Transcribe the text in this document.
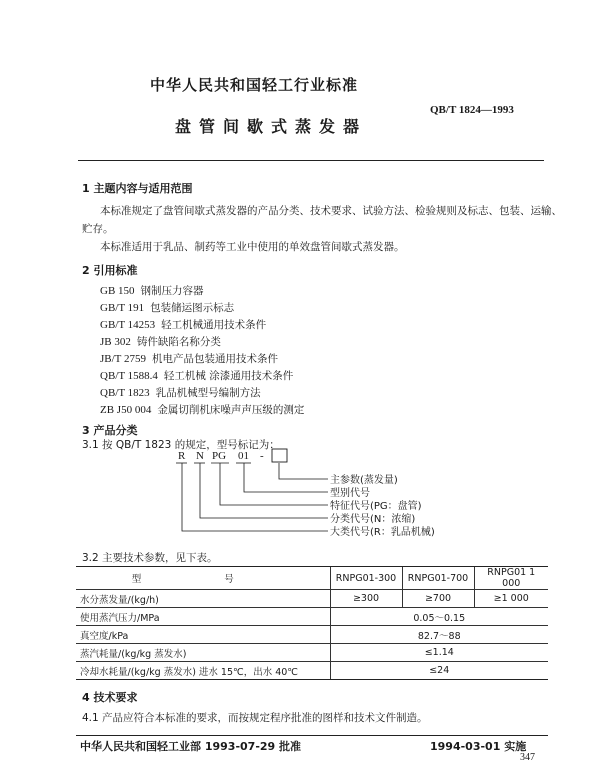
中华人民共和国轻工行业标准
QB/T 1824—1993
盘管间歇式蒸发器
1 主题内容与适用范围
本标准规定了盘管间歇式蒸发器的产品分类、技术要求、试验方法、检验规则及标志、包装、运输、
贮存。
本标准适用于乳品、制药等工业中使用的单效盘管间歇式蒸发器。
2 引用标准
GB 150 钢制压力容器
GB/T 191 包装储运图示标志
GB/T 14253 轻工机械通用技术条件
JB 302 铸件缺陷名称分类
JB/T 2759 机电产品包装通用技术条件
QB/T 1588.4 轻工机械 涂漆通用技术条件
QB/T 1823 乳品机械型号编制方法
ZB J50 004 金属切削机床噪声声压级的测定
3 产品分类
3.1 按 QB/T 1823 的规定，型号标记为：
R N PG 01 -
主参数(蒸发量)
型别代号
特征代号(PG：盘管)
分类代号(N：浓缩)
大类代号(R：乳品机械)
3.2 主要技术参数，见下表。
型 号	RNPG01-300	RNPG01-700	RNPG01 1 000
水分蒸发量/(kg/h)	≥300	≥700	≥1 000
使用蒸汽压力/MPa	0.05～0.15		
真空度/kPa	82.7～88		
蒸汽耗量/(kg/kg 蒸发水)	≤1.14		
冷却水耗量/(kg/kg 蒸发水) 进水 15℃，出水 40℃	≤24		
4 技术要求
4.1 产品应符合本标准的要求，而按规定程序批准的图样和技术文件制造。
中华人民共和国轻工业部 1993-07-29 批准	1994-03-01 实施
347
